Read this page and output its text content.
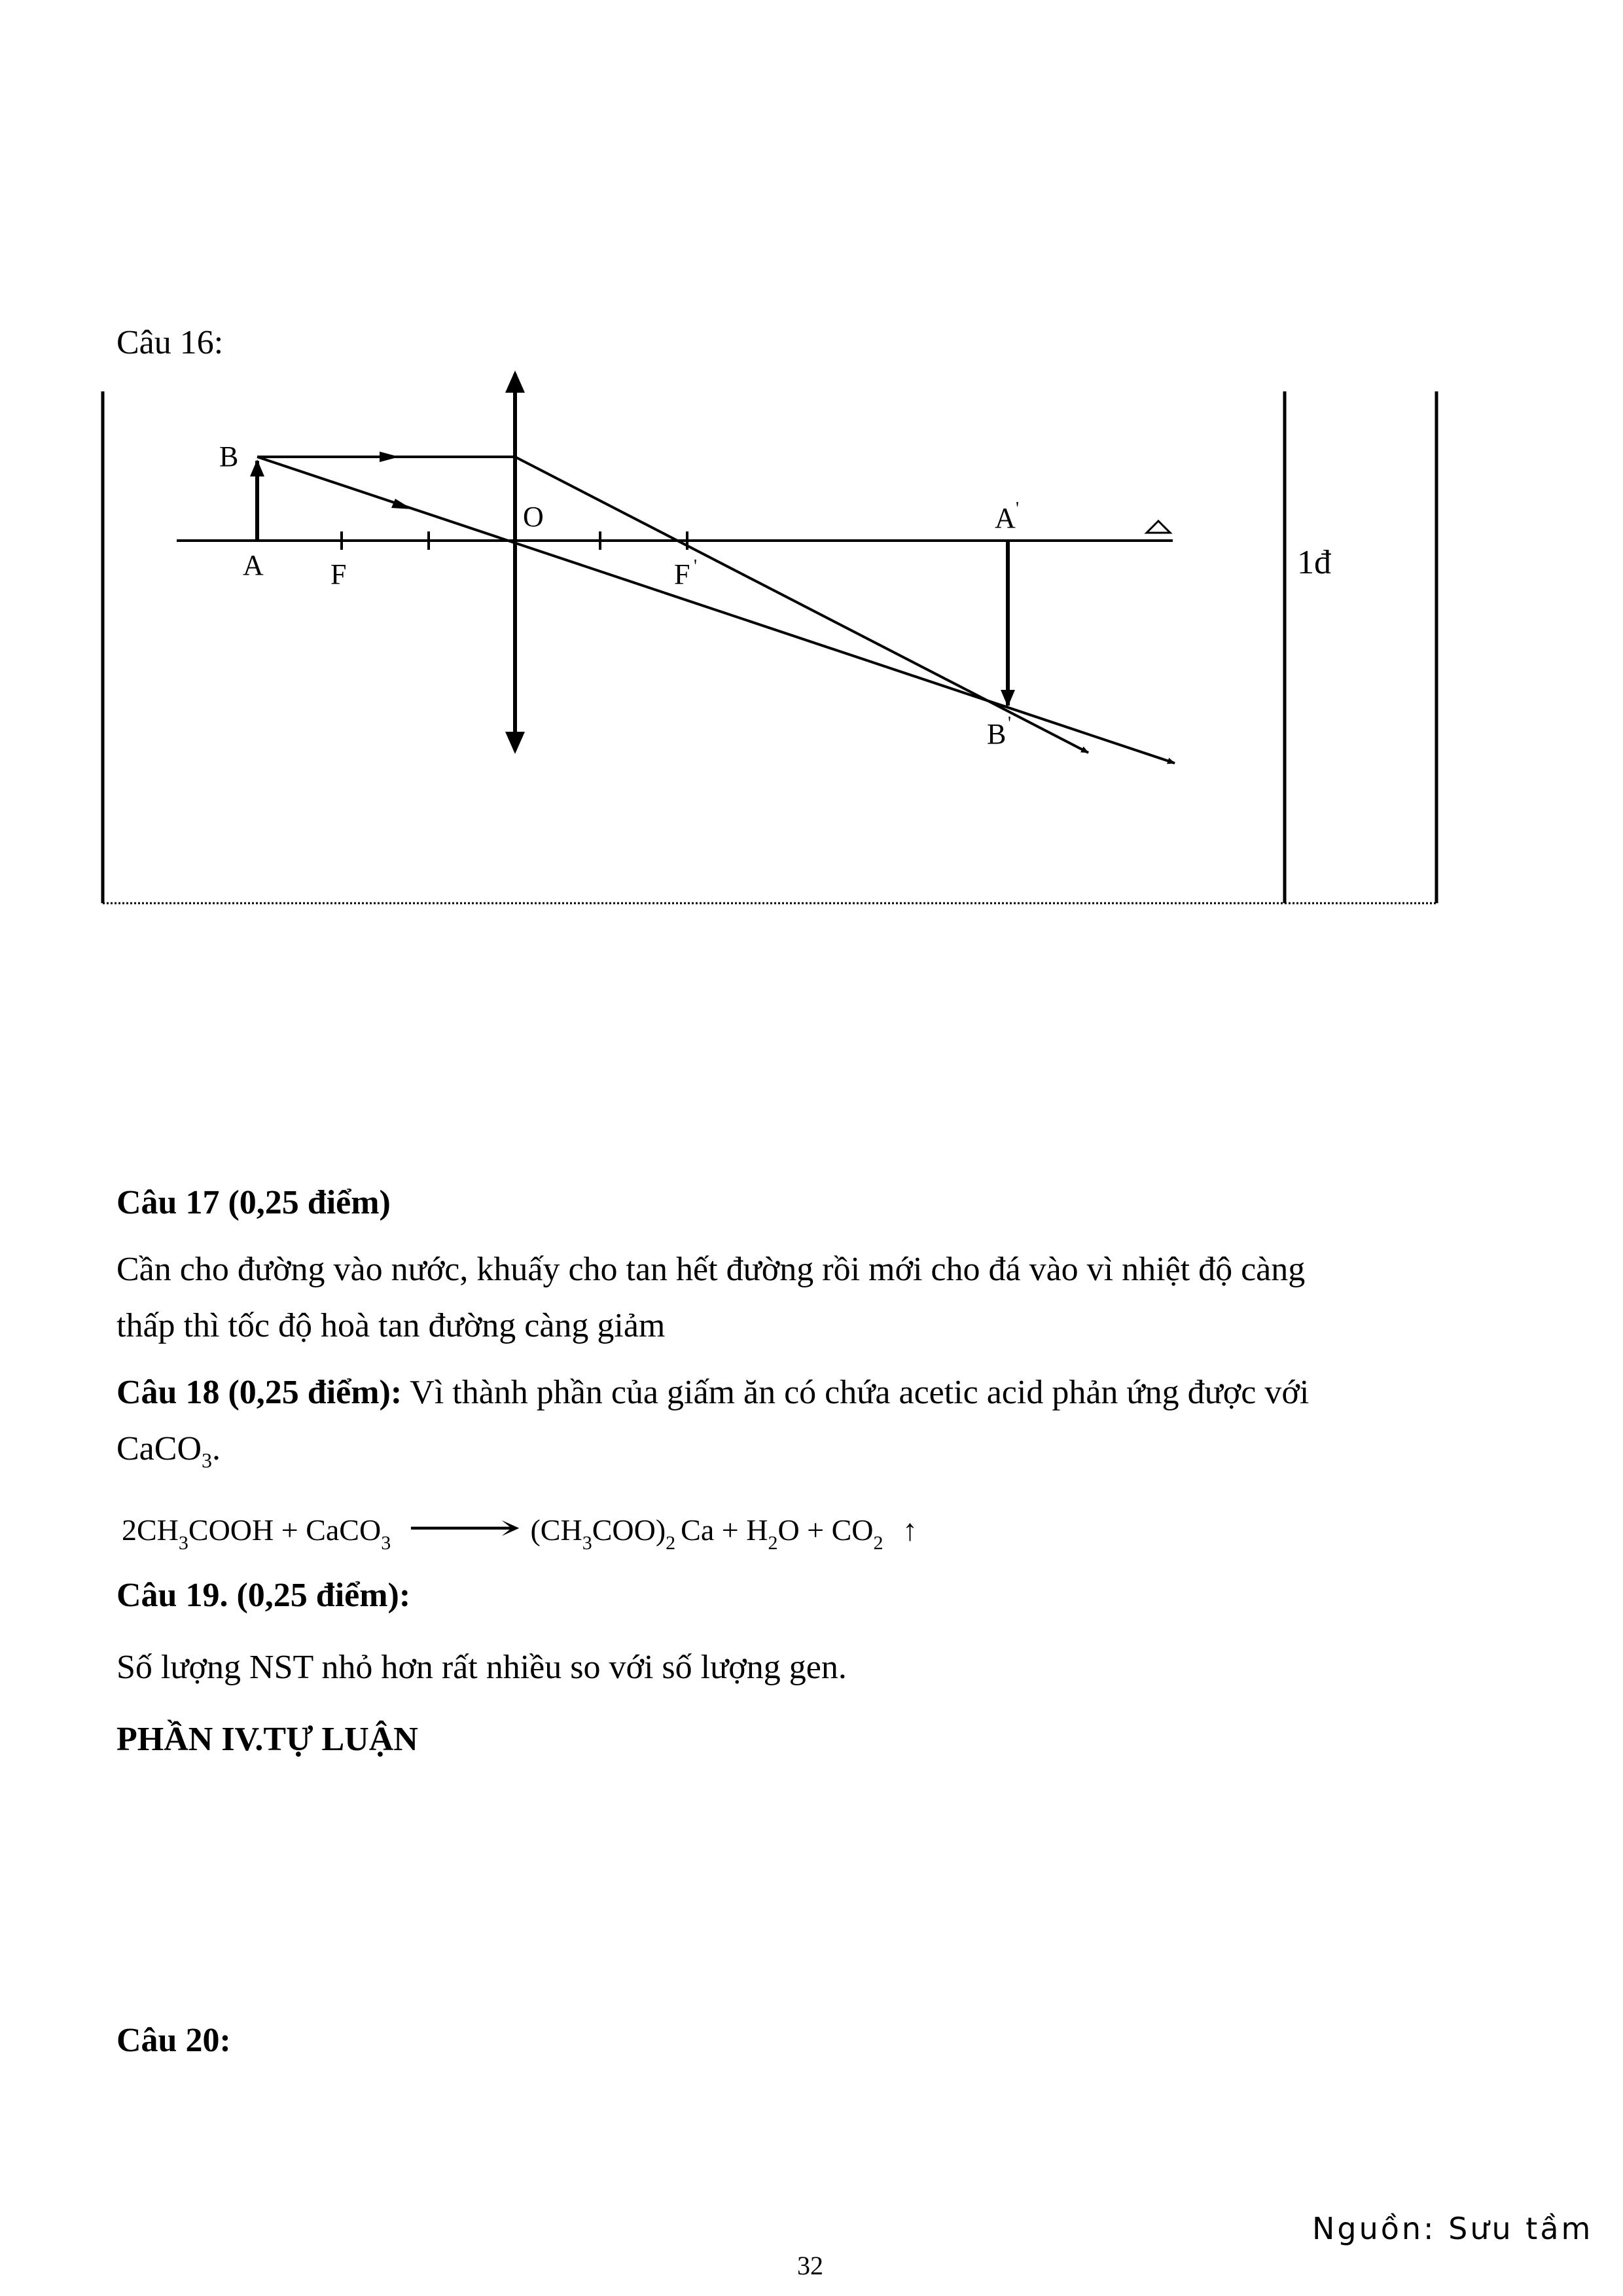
Câu 16:
B
A F
O
F '
A '
B '
1đ
Câu 17 (0,25 điểm)
Cần cho đường vào nước, khuấy cho tan hết đường rồi mới cho đá vào vì nhiệt độ càng
thấp thì tốc độ hoà tan đường càng giảm
Câu 18 (0,25 điểm): Vì thành phần của giấm ăn có chứa acetic acid phản ứng được với
CaCO$_3$.
2CH3COOH + CaCO3 ⟶ (CH3COO)2 Ca + H2O + CO2 ↑
Câu 19. (0,25 điểm):
Số lượng NST nhỏ hơn rất nhiều so với số lượng gen.
PHẦN IV.TỰ LUẬN
Câu 20:
Nguồn: Sưu tầm
32
